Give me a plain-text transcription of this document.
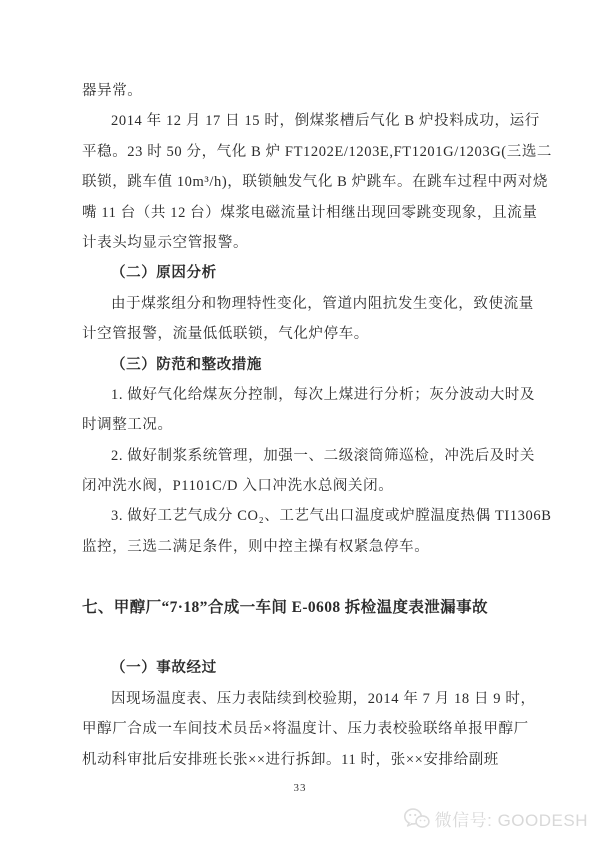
器异常。
2014 年 12 月 17 日 15 时，倒煤浆槽后气化 B 炉投料成功，运行
平稳。23 时 50 分，气化 B 炉 FT1202E/1203E,FT1201G/1203G(三选二
联锁，跳车值 10m³/h)，联锁触发气化 B 炉跳车。在跳车过程中两对烧
嘴 11 台（共 12 台）煤浆电磁流量计相继出现回零跳变现象，且流量
计表头均显示空管报警。
（二）原因分析
由于煤浆组分和物理特性变化，管道内阻抗发生变化，致使流量
计空管报警，流量低低联锁，气化炉停车。
（三）防范和整改措施
1. 做好气化给煤灰分控制，每次上煤进行分析；灰分波动大时及
时调整工况。
2. 做好制浆系统管理，加强一、二级滚筒筛巡检，冲洗后及时关
闭冲洗水阀，P1101C/D 入口冲洗水总阀关闭。
3. 做好工艺气成分 CO₂、工艺气出口温度或炉膛温度热偶 TI1306B
监控，三选二满足条件，则中控主操有权紧急停车。
七、甲醇厂“7·18”合成一车间 E-0608 拆检温度表泄漏事故
（一）事故经过
因现场温度表、压力表陆续到校验期，2014 年 7 月 18 日 9 时，
甲醇厂合成一车间技术员岳×将温度计、压力表校验联络单报甲醇厂
机动科审批后安排班长张××进行拆卸。11 时，张××安排给副班
33
微信号: GOODESH
